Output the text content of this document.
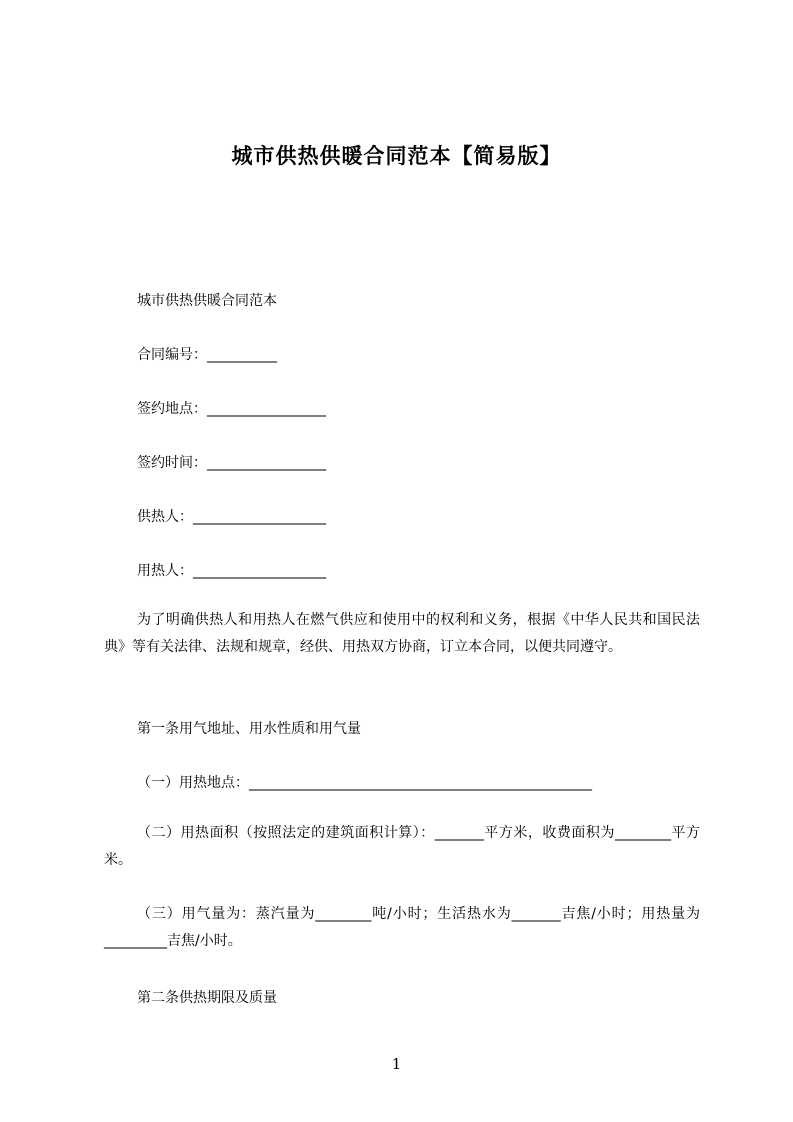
城市供热供暖合同范本【简易版】
城市供热供暖合同范本
合同编号：__________
签约地点：_________________
签约时间：_________________
供热人：___________________
用热人：___________________
为了明确供热人和用热人在燃气供应和使用中的权利和义务，根据《中华人民共和国民法典》等有关法律、法规和规章，经供、用热双方协商，订立本合同，以便共同遵守。
第一条用气地址、用水性质和用气量
（一）用热地点：_________________________________________________
（二）用热面积（按照法定的建筑面积计算）：_______平方米，收费面积为________平方米。
（三）用气量为：蒸汽量为________吨/小时；生活热水为_______吉焦/小时；用热量为_________吉焦/小时。
第二条供热期限及质量
1
